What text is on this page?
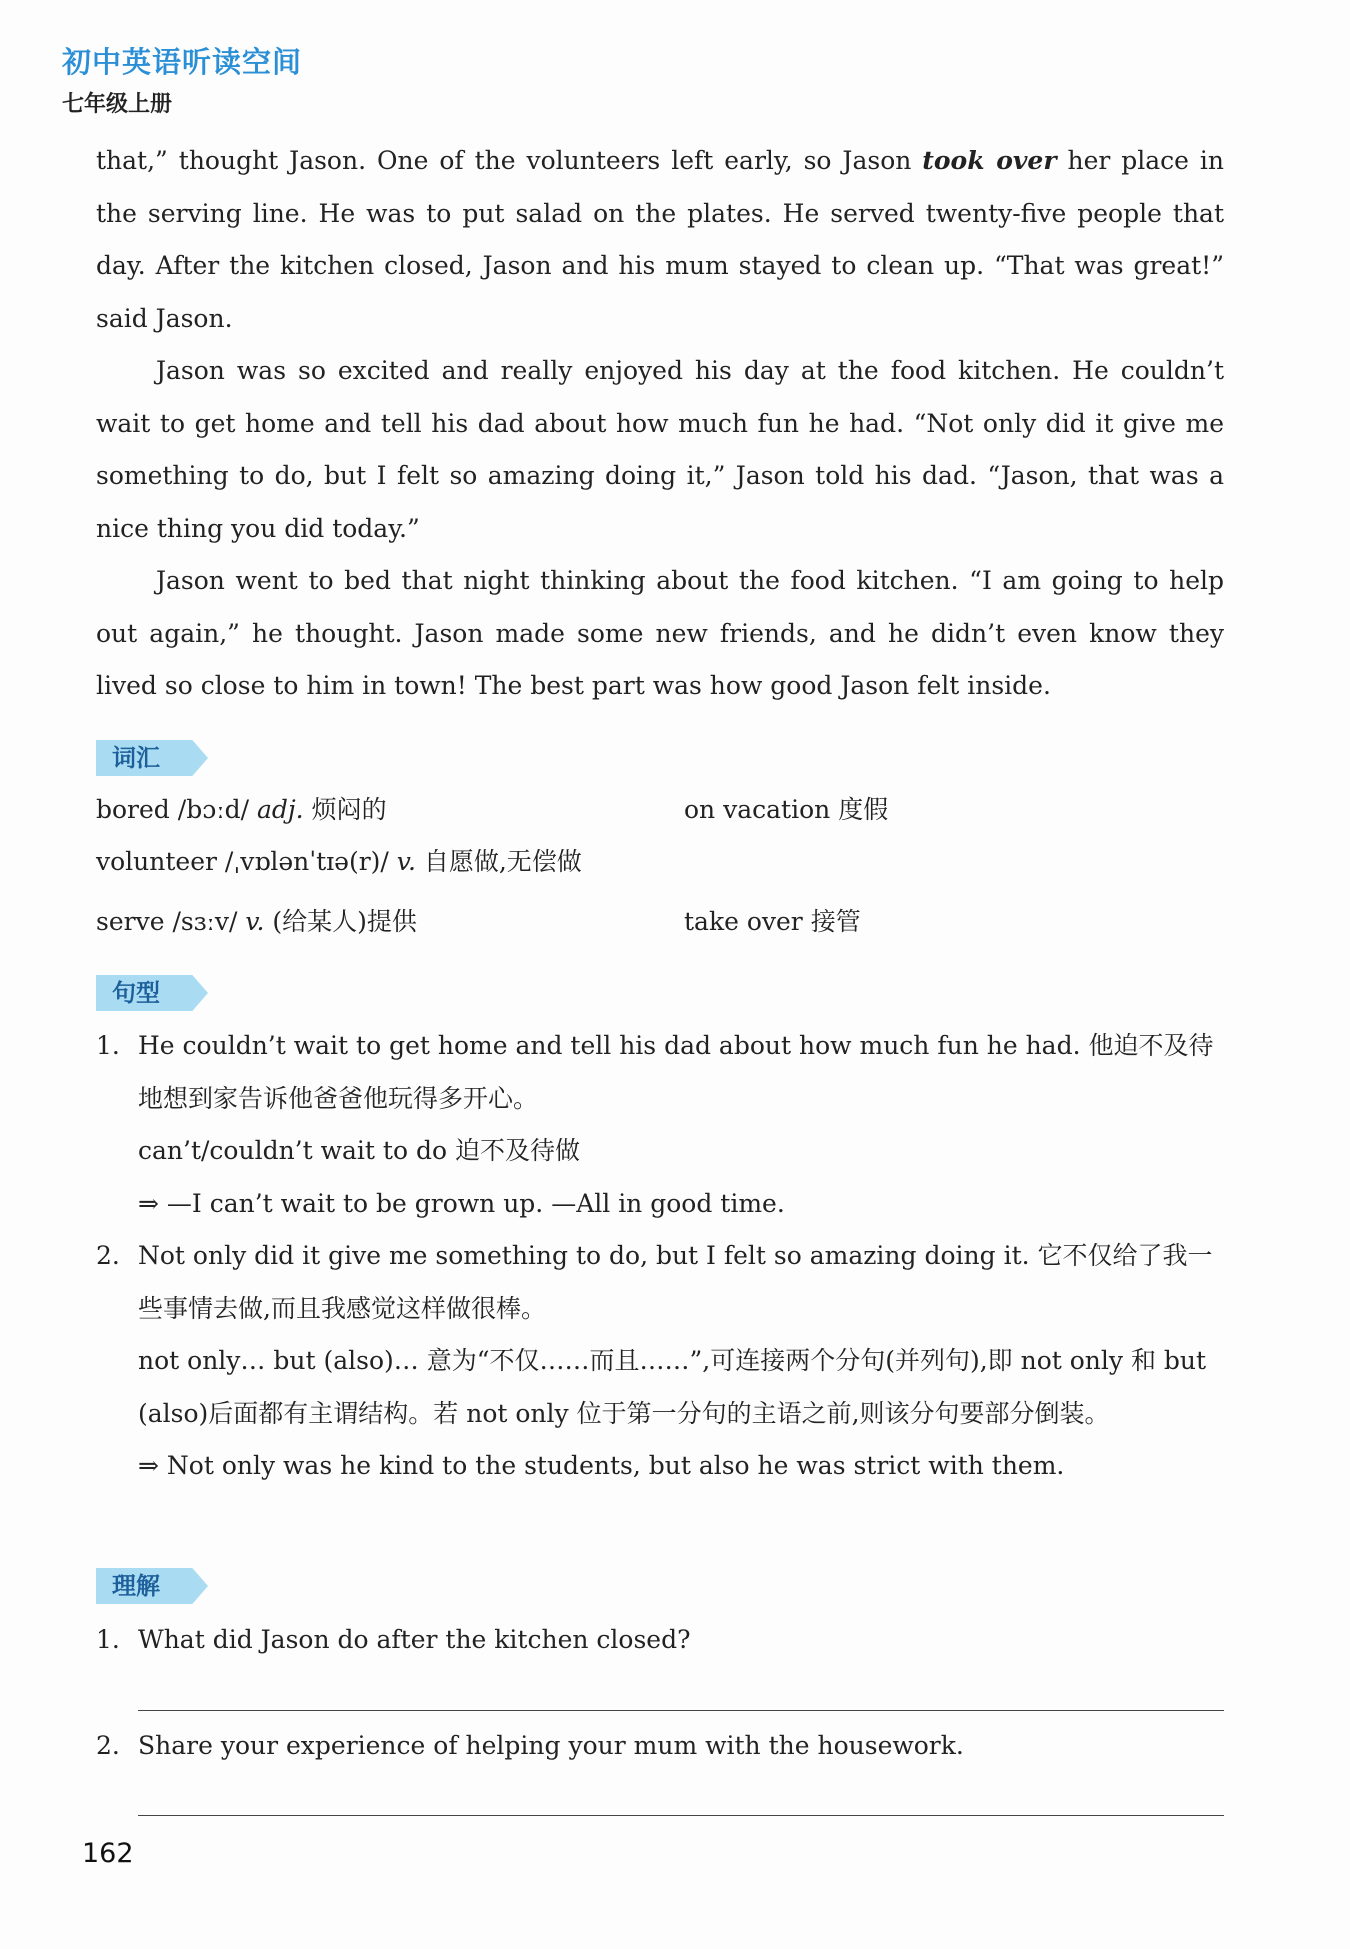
初中英语听读空间
七年级上册

that,” thought Jason. One of the volunteers left early, so Jason took over her place in the serving line. He was to put salad on the plates. He served twenty-five people that day. After the kitchen closed, Jason and his mum stayed to clean up. “That was great!” said Jason.

Jason was so excited and really enjoyed his day at the food kitchen. He couldn’t wait to get home and tell his dad about how much fun he had. “Not only did it give me something to do, but I felt so amazing doing it,” Jason told his dad. “Jason, that was a nice thing you did today.”

Jason went to bed that night thinking about the food kitchen. “I am going to help out again,” he thought. Jason made some new friends, and he didn’t even know they lived so close to him in town! The best part was how good Jason felt inside.

词汇
bored /bɔːd/ adj. 烦闷的	on vacation 度假
volunteer /ˌvɒlənˈtɪə(r)/ v. 自愿做,无偿做
serve /sɜːv/ v. (给某人)提供	take over 接管
句型
1. He couldn’t wait to get home and tell his dad about how much fun he had. 他迫不及待地想到家告诉他爸爸他玩得多开心。
can’t/couldn’t wait to do 迫不及待做
⇒ —I can’t wait to be grown up. —All in good time.
2. Not only did it give me something to do, but I felt so amazing doing it. 它不仅给了我一些事情去做,而且我感觉这样做很棒。
not only… but (also)… 意为“不仅……而且……”,可连接两个分句(并列句),即 not only 和 but (also)后面都有主谓结构。若 not only 位于第一分句的主语之前,则该分句要部分倒装。
⇒ Not only was he kind to the students, but also he was strict with them.
理解
1. What did Jason do after the kitchen closed?
2. Share your experience of helping your mum with the housework.
162
